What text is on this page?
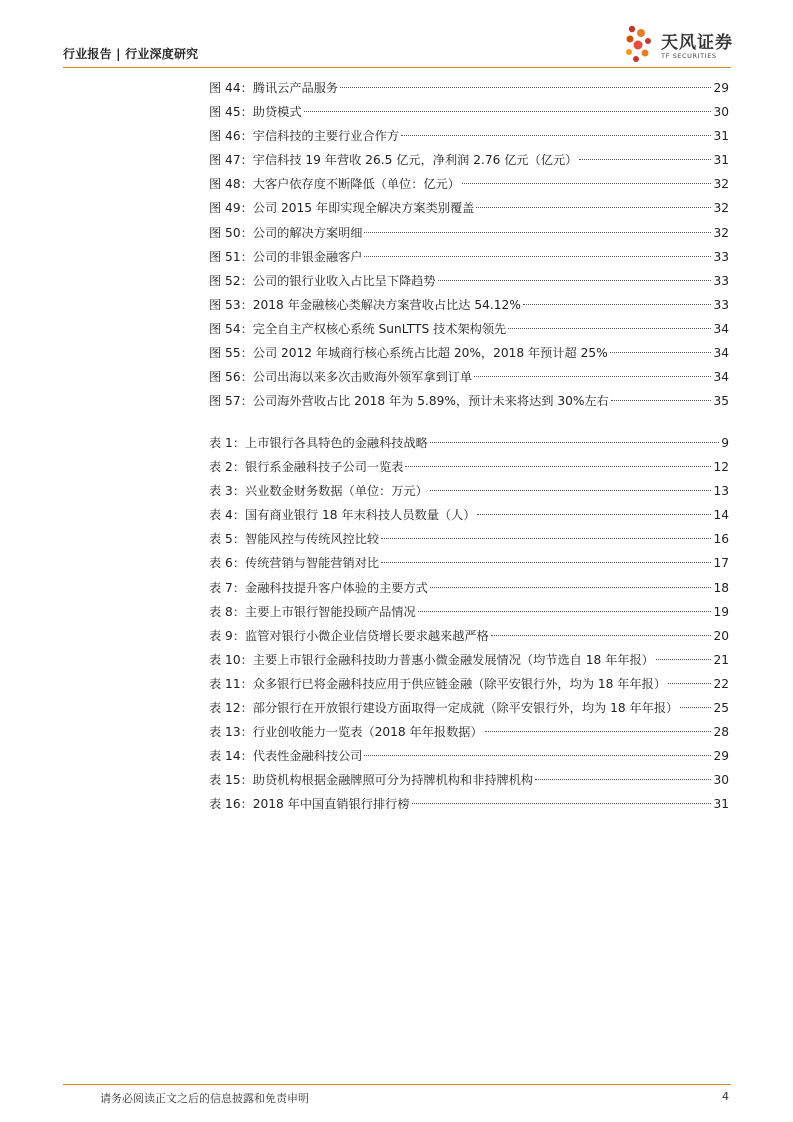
行业报告 | 行业深度研究
天风证券
TF SECURITIES
图 44：腾讯云产品服务	29
图 45：助贷模式	30
图 46：宇信科技的主要行业合作方	31
图 47：宇信科技 19 年营收 26.5 亿元，净利润 2.76 亿元（亿元）	31
图 48：大客户依存度不断降低（单位：亿元）	32
图 49：公司 2015 年即实现全解决方案类别覆盖	32
图 50：公司的解决方案明细	32
图 51：公司的非银金融客户	33
图 52：公司的银行业收入占比呈下降趋势	33
图 53：2018 年金融核心类解决方案营收占比达 54.12%	33
图 54：完全自主产权核心系统 SunLTTS 技术架构领先	34
图 55：公司 2012 年城商行核心系统占比超 20%，2018 年预计超 25%	34
图 56：公司出海以来多次击败海外领军拿到订单	34
图 57：公司海外营收占比 2018 年为 5.89%，预计未来将达到 30%左右	35
表 1：上市银行各具特色的金融科技战略	9
表 2：银行系金融科技子公司一览表	12
表 3：兴业数金财务数据（单位：万元）	13
表 4：国有商业银行 18 年末科技人员数量（人）	14
表 5：智能风控与传统风控比较	16
表 6：传统营销与智能营销对比	17
表 7：金融科技提升客户体验的主要方式	18
表 8：主要上市银行智能投顾产品情况	19
表 9：监管对银行小微企业信贷增长要求越来越严格	20
表 10：主要上市银行金融科技助力普惠小微金融发展情况（均节选自 18 年年报）	21
表 11：众多银行已将金融科技应用于供应链金融（除平安银行外，均为 18 年年报）	22
表 12：部分银行在开放银行建设方面取得一定成就（除平安银行外，均为 18 年年报）	25
表 13：行业创收能力一览表（2018 年年报数据）	28
表 14：代表性金融科技公司	29
表 15：助贷机构根据金融牌照可分为持牌机构和非持牌机构	30
表 16：2018 年中国直销银行排行榜	31
请务必阅读正文之后的信息披露和免责申明	4
